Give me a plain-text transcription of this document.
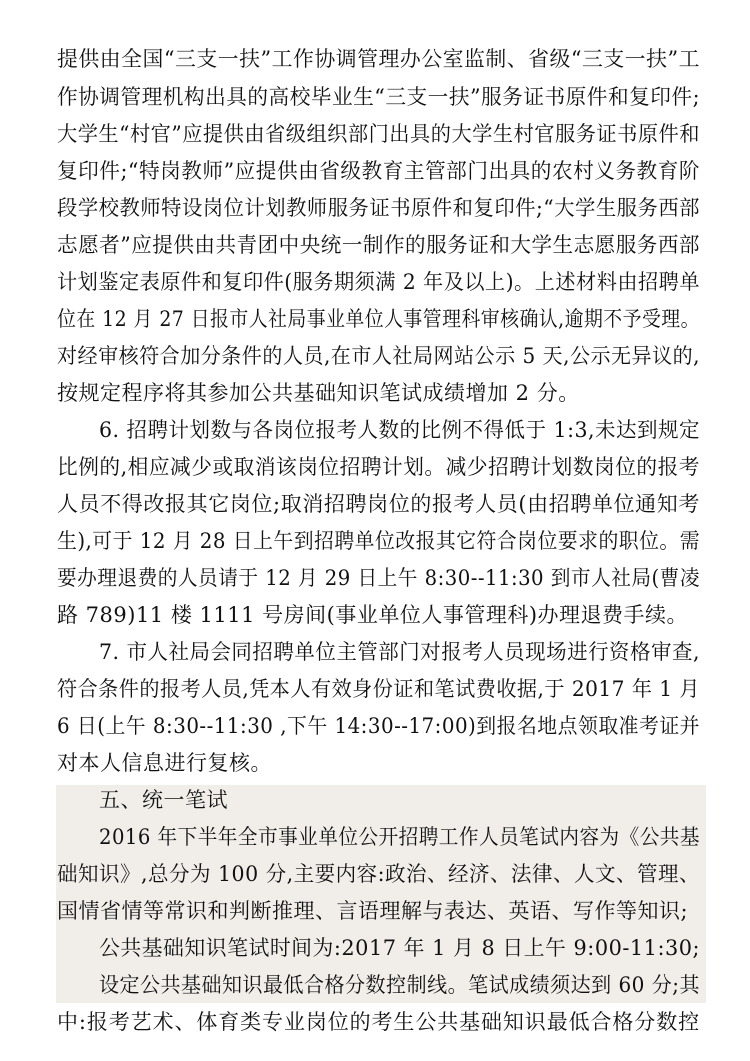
提供由全国“三支一扶”工作协调管理办公室监制、省级“三支一扶”工
作协调管理机构出具的高校毕业生“三支一扶”服务证书原件和复印件;
大学生“村官”应提供由省级组织部门出具的大学生村官服务证书原件和
复印件;“特岗教师”应提供由省级教育主管部门出具的农村义务教育阶
段学校教师特设岗位计划教师服务证书原件和复印件;“大学生服务西部
志愿者”应提供由共青团中央统一制作的服务证和大学生志愿服务西部
计划鉴定表原件和复印件(服务期须满 2 年及以上)。上述材料由招聘单
位在 12 月 27 日报市人社局事业单位人事管理科审核确认,逾期不予受理。
对经审核符合加分条件的人员,在市人社局网站公示 5 天,公示无异议的,
按规定程序将其参加公共基础知识笔试成绩增加 2 分。
6. 招聘计划数与各岗位报考人数的比例不得低于 1:3,未达到规定
比例的,相应减少或取消该岗位招聘计划。减少招聘计划数岗位的报考
人员不得改报其它岗位;取消招聘岗位的报考人员(由招聘单位通知考
生),可于 12 月 28 日上午到招聘单位改报其它符合岗位要求的职位。需
要办理退费的人员请于 12 月 29 日上午 8:30--11:30 到市人社局(曹凌
路 789)11 楼 1111 号房间(事业单位人事管理科)办理退费手续。
7. 市人社局会同招聘单位主管部门对报考人员现场进行资格审查,
符合条件的报考人员,凭本人有效身份证和笔试费收据,于 2017 年 1 月
6 日(上午 8:30--11:30 ,下午 14:30--17:00)到报名地点领取准考证并
对本人信息进行复核。
五、统一笔试
2016 年下半年全市事业单位公开招聘工作人员笔试内容为《公共基
础知识》,总分为 100 分,主要内容:政治、经济、法律、人文、管理、
国情省情等常识和判断推理、言语理解与表达、英语、写作等知识;
公共基础知识笔试时间为:2017 年 1 月 8 日上午 9:00-11:30;
设定公共基础知识最低合格分数控制线。笔试成绩须达到 60 分;其
中:报考艺术、体育类专业岗位的考生公共基础知识最低合格分数控
